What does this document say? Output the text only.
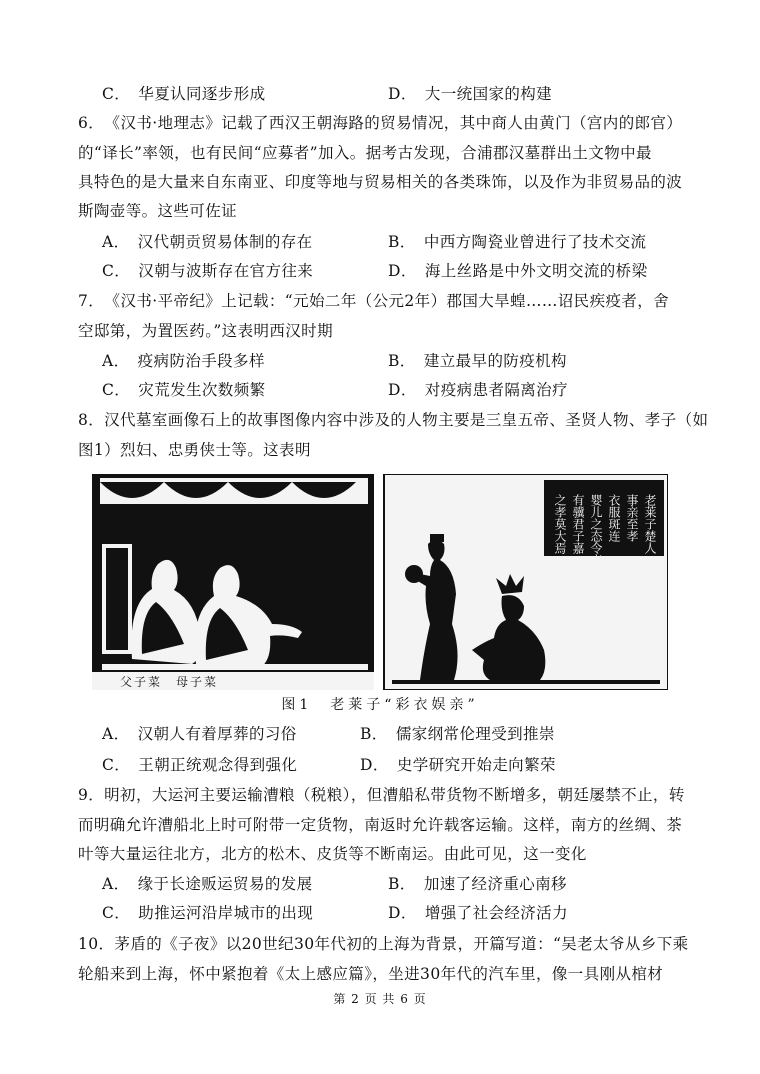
C．　华夏认同逐步形成	D．　大一统国家的构建
6．　《汉书·地理志》记载了西汉王朝海路的贸易情况，其中商人由黄门（宫内的郎官）
的“译长”率领，也有民间“应募者”加入。据考古发现，合浦郡汉墓群出土文物中最
具特色的是大量来自东南亚、印度等地与贸易相关的各类珠饰，以及作为非贸易品的波
斯陶壶等。这些可佐证
A．　汉代朝贡贸易体制的存在	B．　中西方陶瓷业曾进行了技术交流
C．　汉朝与波斯存在官方往来	D．　海上丝路是中外文明交流的桥梁
7．　《汉书·平帝纪》上记载：“元始二年（公元2年）郡国大旱蝗……诏民疾疫者，舍
空邸第，为置医药。”这表明西汉时期
A．　疫病防治手段多样	B．　建立最早的防疫机构
C．　灾荒发生次数频繁	D．　对疫病患者隔离治疗
8．汉代墓室画像石上的故事图像内容中涉及的人物主要是三皇五帝、圣贤人物、孝子（如
图1）烈妇、忠勇侠士等。这表明
父子菜　母子菜
老莱子楚人
事亲至孝
衣服斑连
婴儿之态令亲
有骥君子嘉
之孝莫大焉
图1　老莱子“彩衣娱亲”
A．　汉朝人有着厚葬的习俗	B．　儒家纲常伦理受到推崇
C．　王朝正统观念得到强化	D．　史学研究开始走向繁荣
9．明初，大运河主要运输漕粮（税粮），但漕船私带货物不断增多，朝廷屡禁不止，转
而明确允许漕船北上时可附带一定货物，南返时允许载客运输。这样，南方的丝绸、茶
叶等大量运往北方，北方的松木、皮货等不断南运。由此可见，这一变化
A．　缘于长途贩运贸易的发展	B．　加速了经济重心南移
C．　助推运河沿岸城市的出现	D．　增强了社会经济活力
10．茅盾的《子夜》以20世纪30年代初的上海为背景，开篇写道：“吴老太爷从乡下乘
轮船来到上海，怀中紧抱着《太上感应篇》，坐进30年代的汽车里，像一具刚从棺材
第 2 页 共 6 页
